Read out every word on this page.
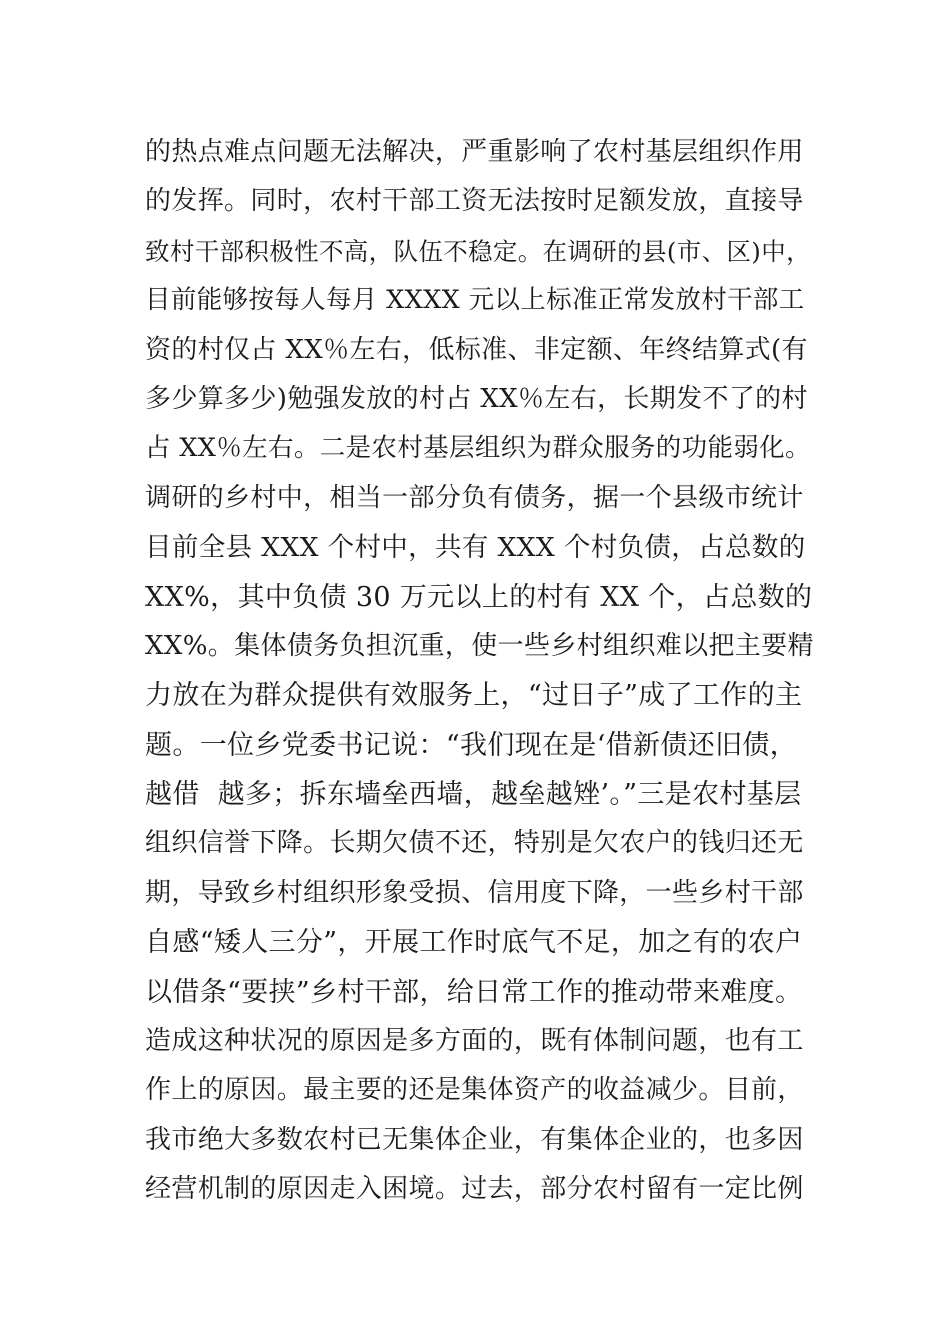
的热点难点问题无法解决，严重影响了农村基层组织作用
的发挥。同时，农村干部工资无法按时足额发放，直接导
致村干部积极性不高，队伍不稳定。在调研的县(市、区)中，
目前能够按每人每月 XXXX 元以上标准正常发放村干部工
资的村仅占 XX％左右，低标准、非定额、年终结算式(有
多少算多少)勉强发放的村占 XX％左右，长期发不了的村
占 XX％左右。二是农村基层组织为群众服务的功能弱化。
调研的乡村中，相当一部分负有债务，据一个县级市统计
目前全县 XXX 个村中，共有 XXX 个村负债，占总数的
XX%，其中负债 30 万元以上的村有 XX 个，占总数的
XX%。集体债务负担沉重，使一些乡村组织难以把主要精
力放在为群众提供有效服务上，“过日子”成了工作的主
题。一位乡党委书记说：“我们现在是‘借新债还旧债，
越借  越多；拆东墙垒西墙，越垒越矬’。”三是农村基层
组织信誉下降。长期欠债不还，特别是欠农户的钱归还无
期，导致乡村组织形象受损、信用度下降，一些乡村干部
自感“矮人三分”，开展工作时底气不足，加之有的农户
以借条“要挟”乡村干部，给日常工作的推动带来难度。
造成这种状况的原因是多方面的，既有体制问题，也有工
作上的原因。最主要的还是集体资产的收益减少。目前，
我市绝大多数农村已无集体企业，有集体企业的，也多因
经营机制的原因走入困境。过去，部分农村留有一定比例
